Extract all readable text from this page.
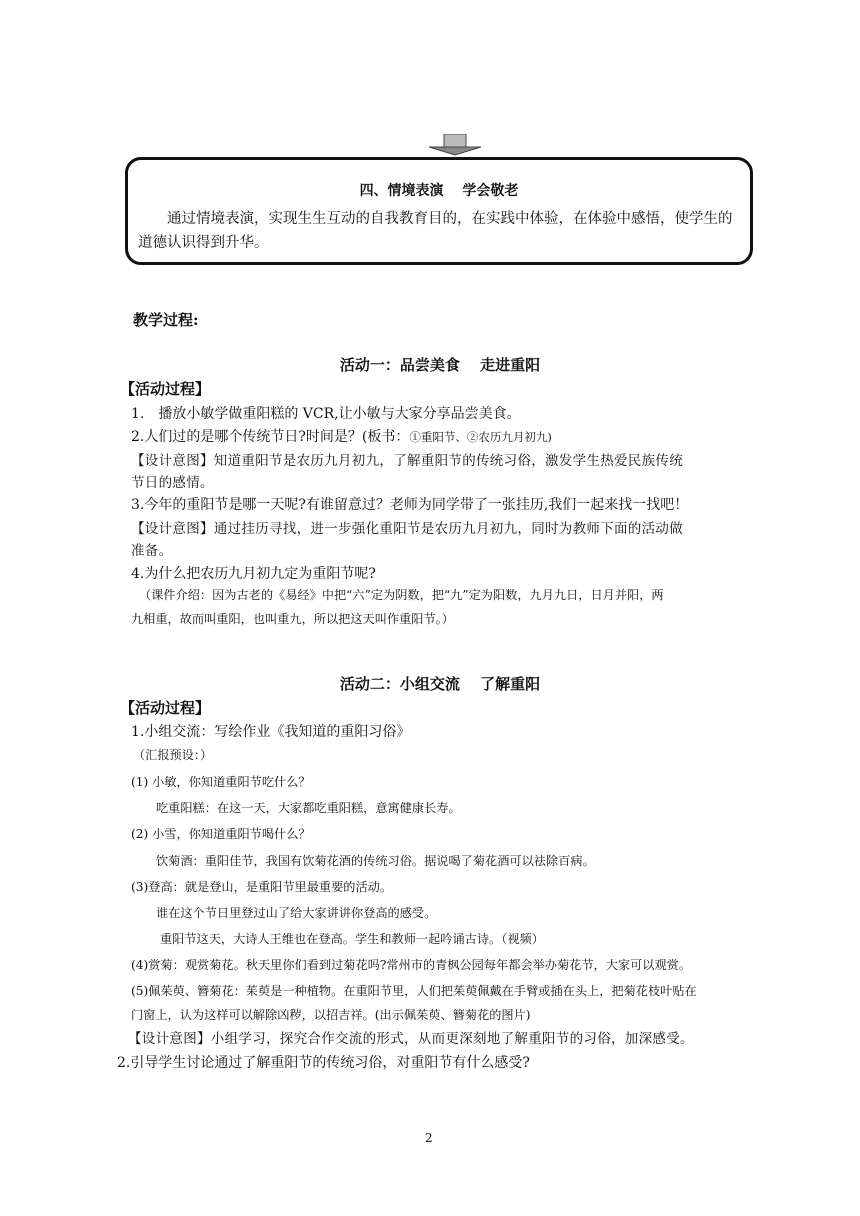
四、情境表演　 学会敬老
通过情境表演，实现生生互动的自我教育目的，在实践中体验，在体验中感悟，使学生的道德认识得到升华。
教学过程:
活动一：品尝美食　 走进重阳
【活动过程】
1.　播放小敏学做重阳糕的 VCR,让小敏与大家分享品尝美食。
2.人们过的是哪个传统节日?时间是？(板书：①重阳节、②农历九月初九)
【设计意图】知道重阳节是农历九月初九，了解重阳节的传统习俗，激发学生热爱民族传统
节日的感情。
3.今年的重阳节是哪一天呢?有谁留意过？老师为同学带了一张挂历,我们一起来找一找吧！
【设计意图】通过挂历寻找，进一步强化重阳节是农历九月初九，同时为教师下面的活动做
准备。
4.为什么把农历九月初九定为重阳节呢?
（课件介绍：因为古老的《易经》中把“六”定为阴数，把“九”定为阳数，九月九日，日月并阳，两
九相重，故而叫重阳，也叫重九，所以把这天叫作重阳节。）
活动二：小组交流　 了解重阳
【活动过程】
1.小组交流：写绘作业《我知道的重阳习俗》
（汇报预设：）
(1) 小敏，你知道重阳节吃什么？
吃重阳糕：在这一天，大家都吃重阳糕，意寓健康长寿。
(2) 小雪，你知道重阳节喝什么？
饮菊酒：重阳佳节，我国有饮菊花酒的传统习俗。据说喝了菊花酒可以祛除百病。
(3)登高：就是登山，是重阳节里最重要的活动。
谁在这个节日里登过山了给大家讲讲你登高的感受。
重阳节这天，大诗人王维也在登高。学生和教师一起吟诵古诗。（视频）
(4)赏菊：观赏菊花。秋天里你们看到过菊花吗?常州市的青枫公园每年都会举办菊花节，大家可以观赏。
(5)佩茱萸、簪菊花：茱萸是一种植物。在重阳节里，人们把茱萸佩戴在手臂或插在头上，把菊花枝叶贴在
门窗上，认为这样可以解除凶秽，以招吉祥。(出示佩茱萸、簪菊花的图片)
【设计意图】小组学习，探究合作交流的形式，从而更深刻地了解重阳节的习俗，加深感受。
2.引导学生讨论通过了解重阳节的传统习俗，对重阳节有什么感受?
2
